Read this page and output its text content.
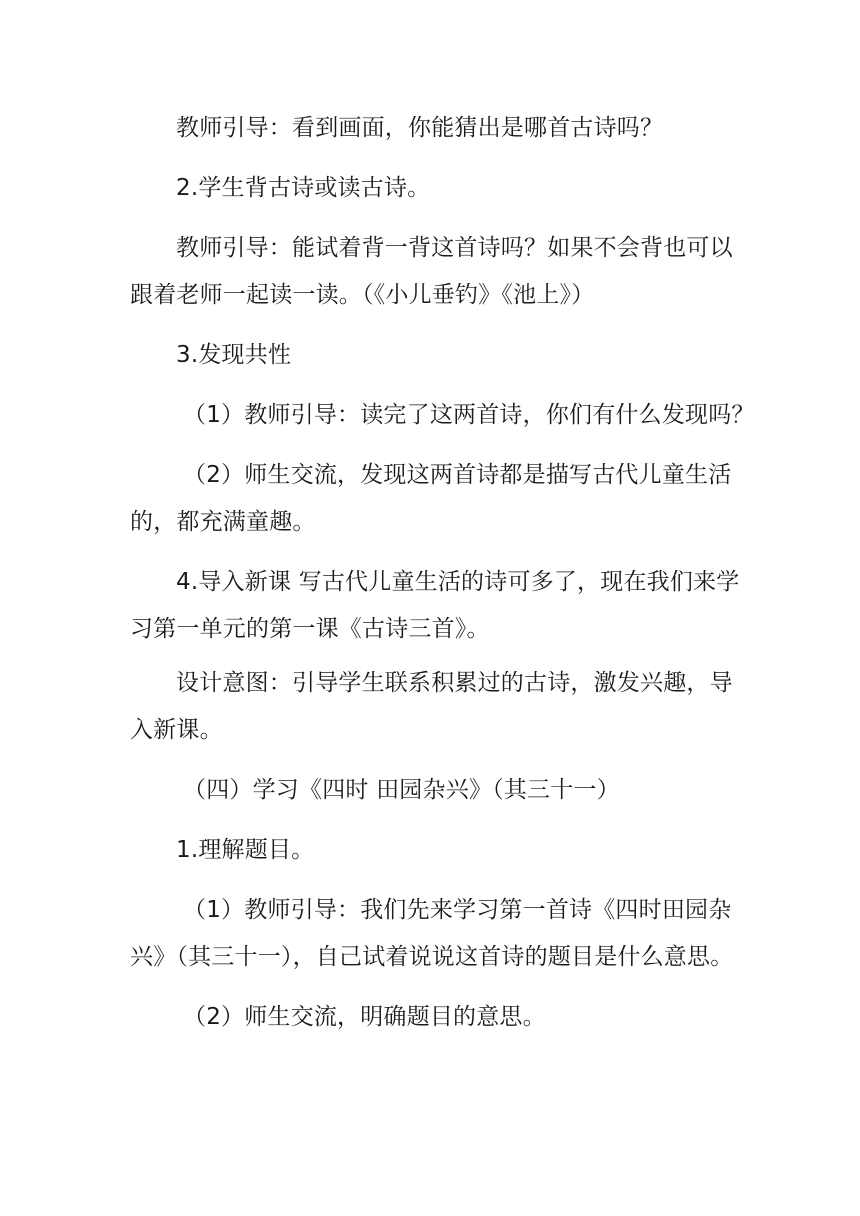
教师引导：看到画面，你能猜出是哪首古诗吗？
2.学生背古诗或读古诗。
教师引导：能试着背一背这首诗吗？如果不会背也可以
跟着老师一起读一读。（《小儿垂钓》《池上》）
3.发现共性
（1）教师引导：读完了这两首诗，你们有什么发现吗？
（2）师生交流，发现这两首诗都是描写古代儿童生活
的，都充满童趣。
4.导入新课 写古代儿童生活的诗可多了，现在我们来学
习第一单元的第一课《古诗三首》。
设计意图：引导学生联系积累过的古诗，激发兴趣，导
入新课。
（四）学习《四时 田园杂兴》（其三十一）
1.理解题目。
（1）教师引导：我们先来学习第一首诗《四时田园杂
兴》（其三十一），自己试着说说这首诗的题目是什么意思。
（2）师生交流，明确题目的意思。
